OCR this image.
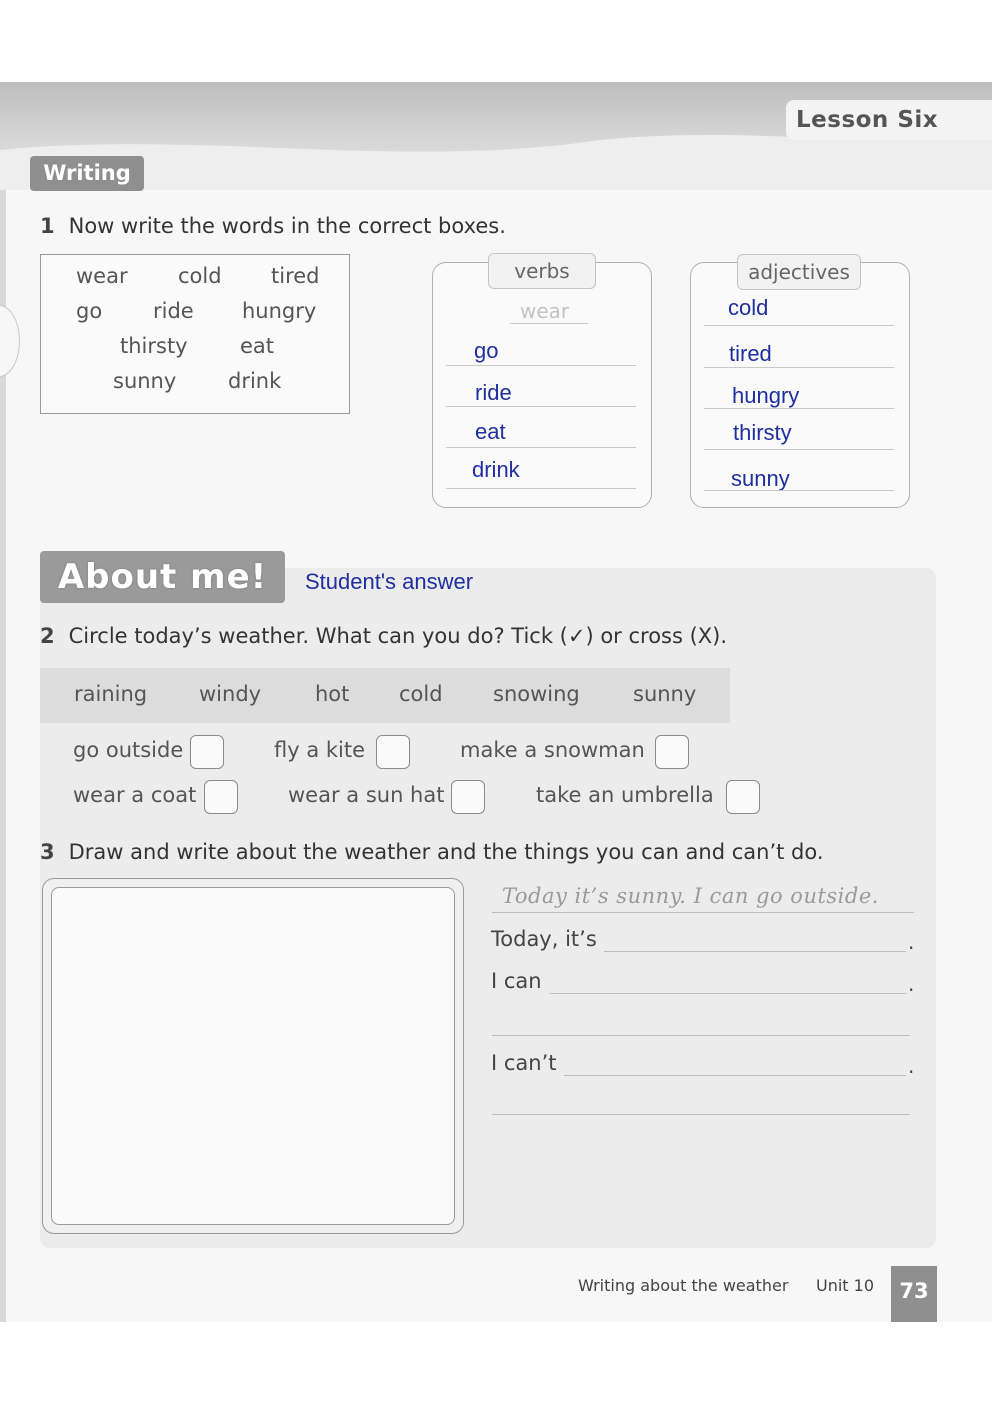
Lesson Six
Writing
1 Now write the words in the correct boxes.
wear cold tired
go ride hungry
thirsty eat
sunny drink
verbs
wear
go
ride
eat
drink
adjectives
cold
tired
hungry
thirsty
sunny
About me!	Student's answer
2 Circle today’s weather. What can you do? Tick (✓) or cross (X).
raining windy	hot cold snowing	sunny
go outside	fly a kite	make a snowman
wear a coat	wear a sun hat	take an umbrella
3 Draw and write about the weather and the things you can and can’t do.
Today it’s sunny. I can go outside.
Today, it’s	.
I can	.
I can’t	.
Writing about the weather Unit 10	73
